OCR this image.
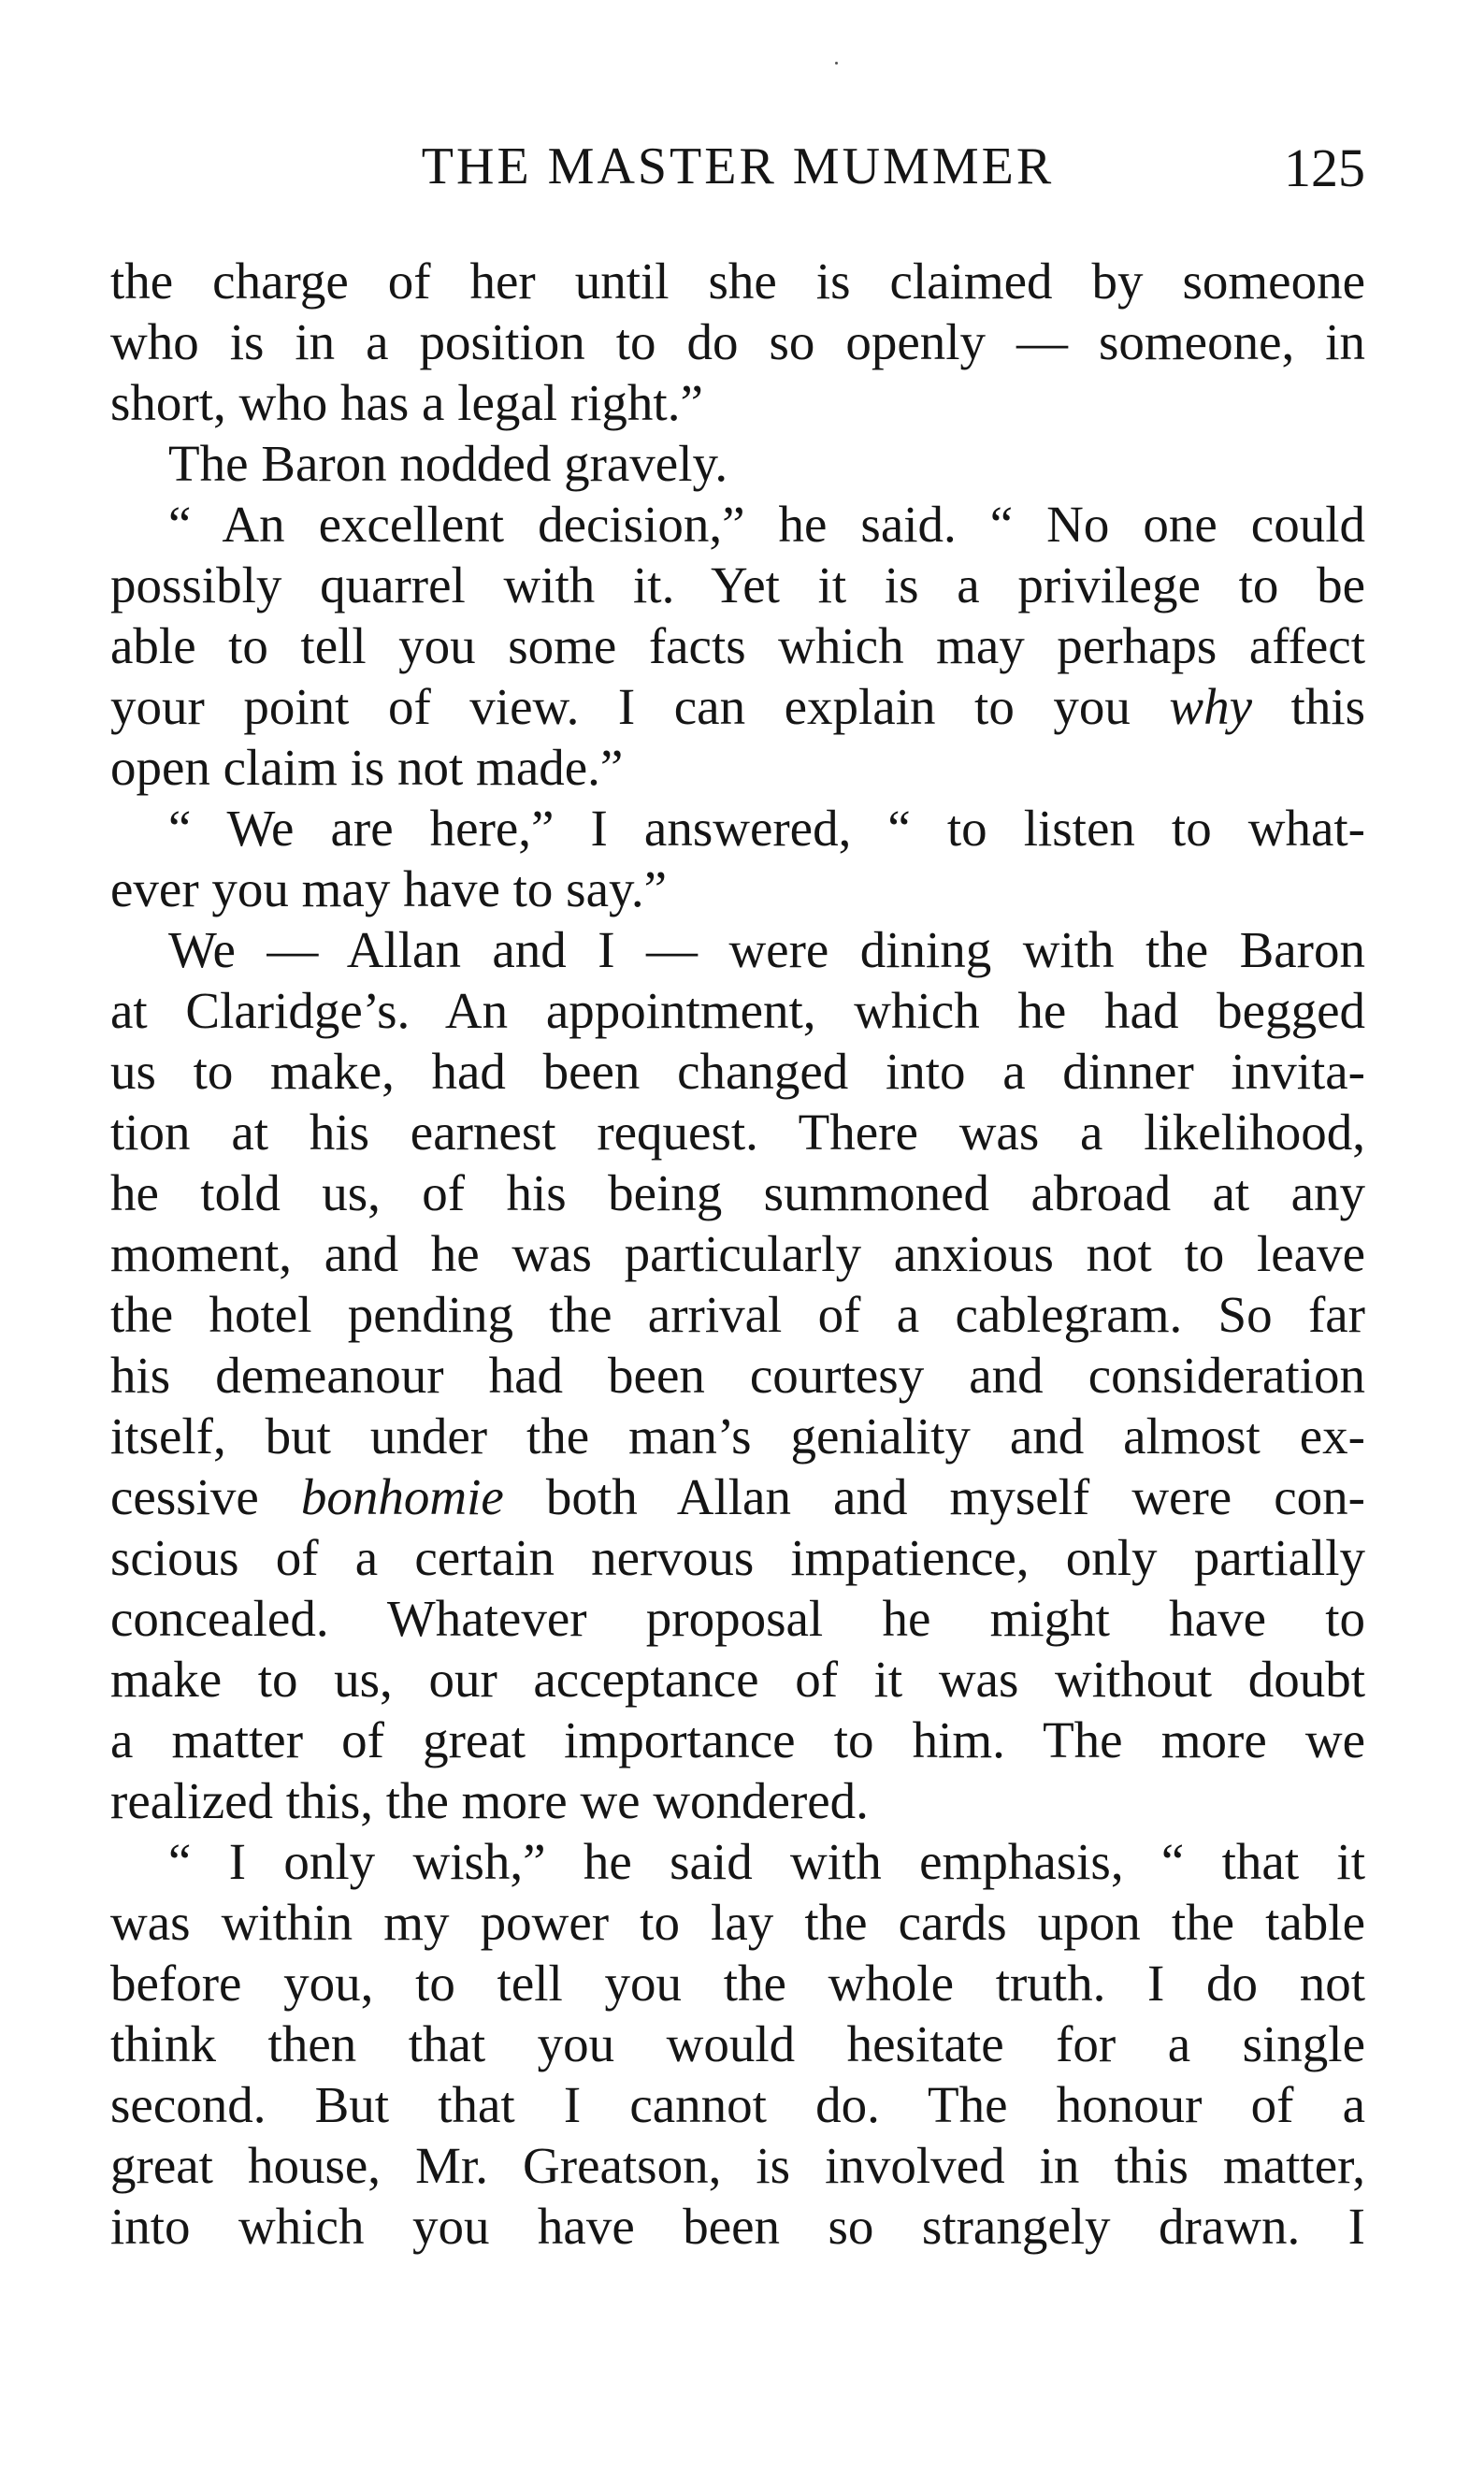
THE MASTER MUMMER	125
the charge of her until she is claimed by someone
who is in a position to do so openly — someone, in
short, who has a legal right.”
The Baron nodded gravely.
“ An excellent decision,” he said. “ No one could
possibly quarrel with it. Yet it is a privilege to be
able to tell you some facts which may perhaps affect
your point of view. I can explain to you why this
open claim is not made.”
“ We are here,” I answered, “ to listen to what-
ever you may have to say.”
We — Allan and I — were dining with the Baron
at Claridge’s. An appointment, which he had begged
us to make, had been changed into a dinner invita-
tion at his earnest request. There was a likelihood,
he told us, of his being summoned abroad at any
moment, and he was particularly anxious not to leave
the hotel pending the arrival of a cablegram. So far
his demeanour had been courtesy and consideration
itself, but under the man’s geniality and almost ex-
cessive bonhomie both Allan and myself were con-
scious of a certain nervous impatience, only partially
concealed. Whatever proposal he might have to
make to us, our acceptance of it was without doubt
a matter of great importance to him. The more we
realized this, the more we wondered.
“ I only wish,” he said with emphasis, “ that it
was within my power to lay the cards upon the table
before you, to tell you the whole truth. I do not
think then that you would hesitate for a single
second. But that I cannot do. The honour of a
great house, Mr. Greatson, is involved in this matter,
into which you have been so strangely drawn. I
